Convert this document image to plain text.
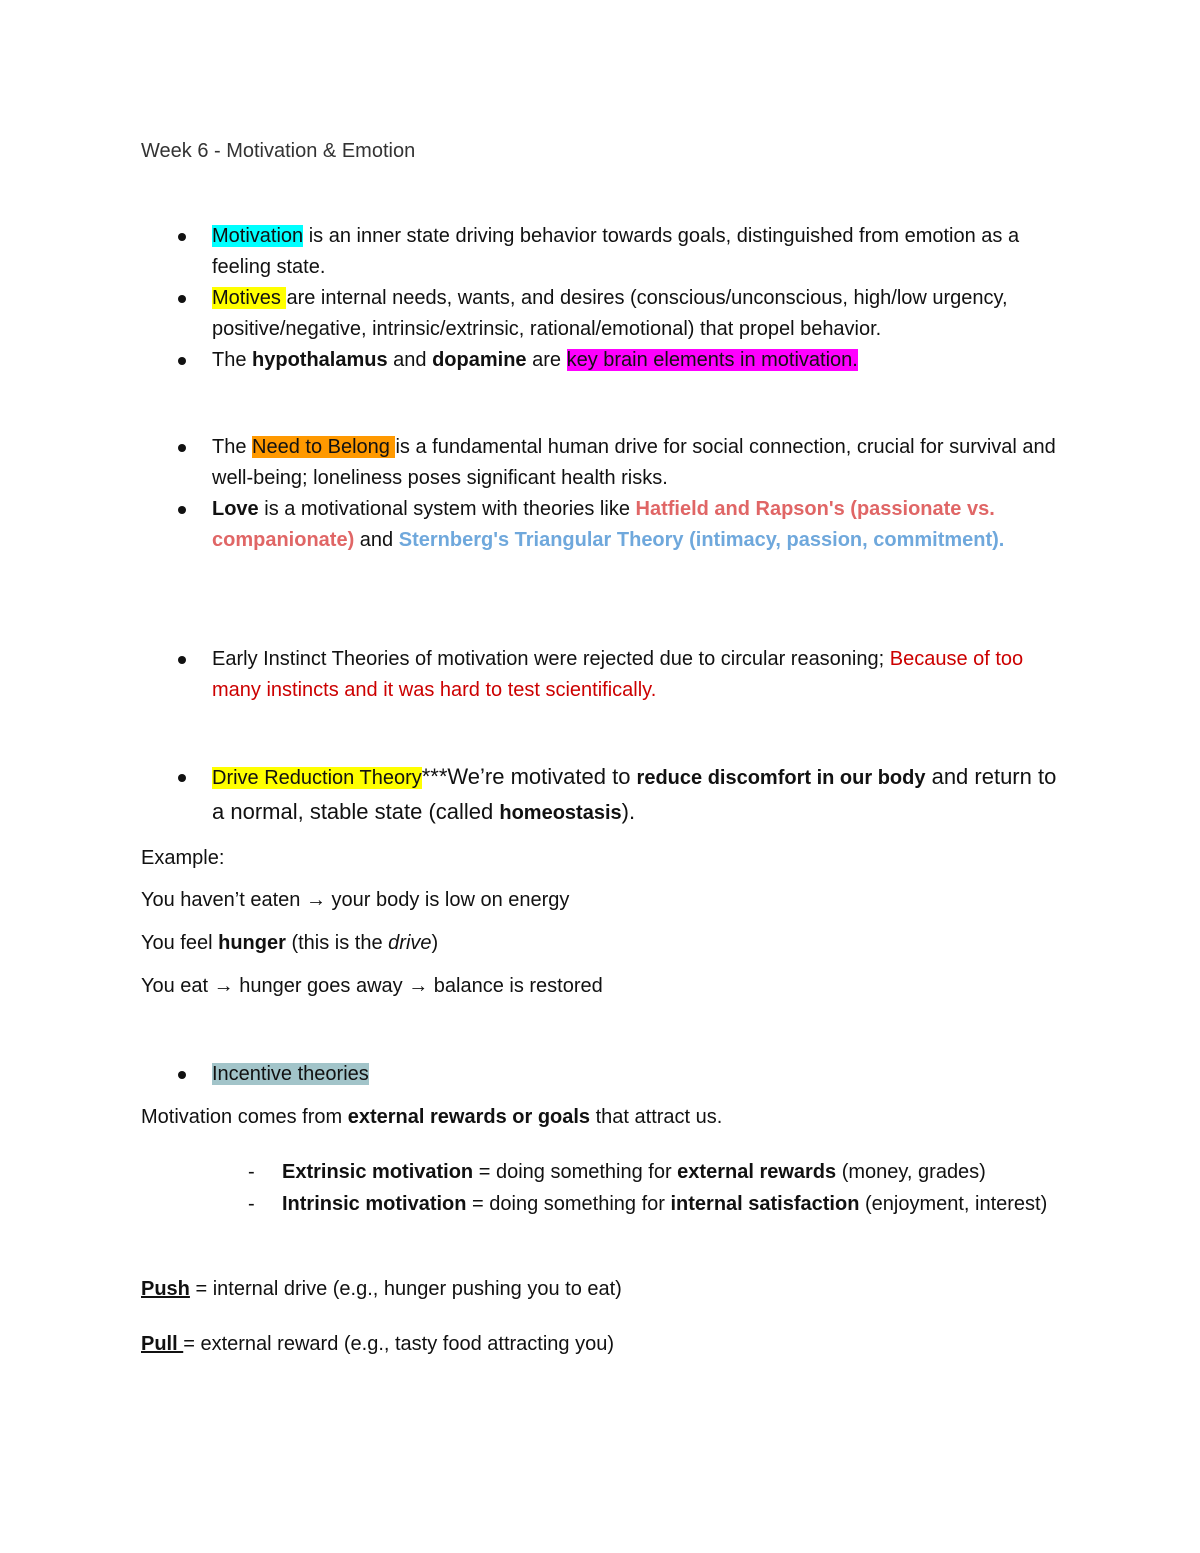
Week 6 - Motivation & Emotion
Motivation is an inner state driving behavior towards goals, distinguished from emotion as a feeling state.
Motives are internal needs, wants, and desires (conscious/unconscious, high/low urgency, positive/negative, intrinsic/extrinsic, rational/emotional) that propel behavior.
The hypothalamus and dopamine are key brain elements in motivation.
The Need to Belong is a fundamental human drive for social connection, crucial for survival and well-being; loneliness poses significant health risks.
Love is a motivational system with theories like Hatfield and Rapson's (passionate vs. companionate) and Sternberg's Triangular Theory (intimacy, passion, commitment).
Early Instinct Theories of motivation were rejected due to circular reasoning; Because of too many instincts and it was hard to test scientifically.
Drive Reduction Theory***We’re motivated to reduce discomfort in our body and return to a normal, stable state (called homeostasis).
Example:
You haven’t eaten → your body is low on energy
You feel hunger (this is the drive)
You eat → hunger goes away → balance is restored
Incentive theories
Motivation comes from external rewards or goals that attract us.
- Extrinsic motivation = doing something for external rewards (money, grades)
- Intrinsic motivation = doing something for internal satisfaction (enjoyment, interest)
Push = internal drive (e.g., hunger pushing you to eat)
Pull = external reward (e.g., tasty food attracting you)
